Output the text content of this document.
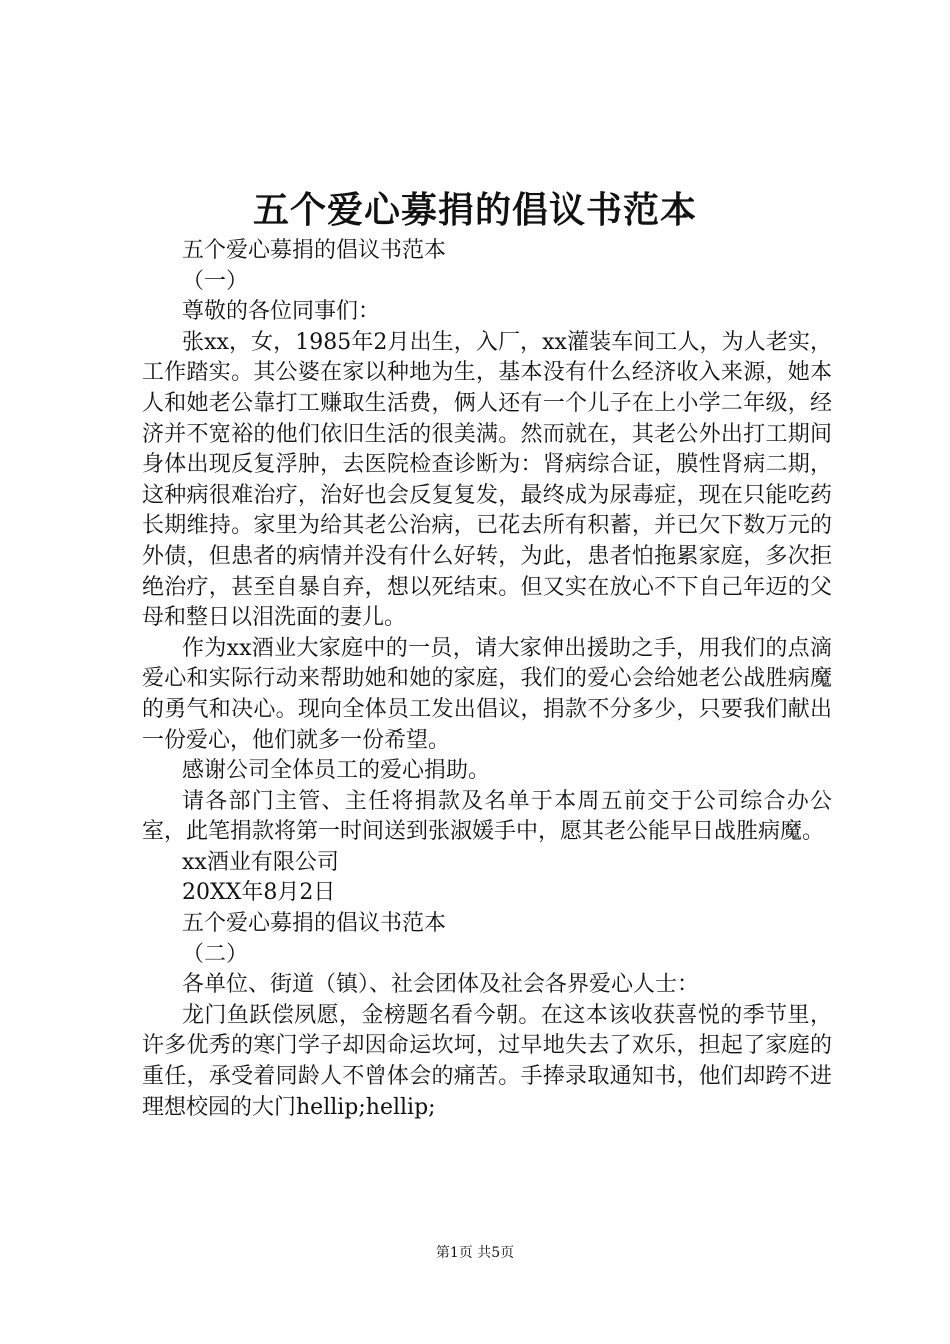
五个爱心募捐的倡议书范本

五个爱心募捐的倡议书范本

（一）

尊敬的各位同事们：

张xx，女，1985年2月出生，入厂，xx灌装车间工人，为人老实，工作踏实。其公婆在家以种地为生，基本没有什么经济收入来源，她本人和她老公靠打工赚取生活费，俩人还有一个儿子在上小学二年级，经济并不宽裕的他们依旧生活的很美满。然而就在，其老公外出打工期间身体出现反复浮肿，去医院检查诊断为：肾病综合证，膜性肾病二期，这种病很难治疗，治好也会反复复发，最终成为尿毒症，现在只能吃药长期维持。家里为给其老公治病，已花去所有积蓄，并已欠下数万元的外债，但患者的病情并没有什么好转，为此，患者怕拖累家庭，多次拒绝治疗，甚至自暴自弃，想以死结束。但又实在放心不下自己年迈的父母和整日以泪洗面的妻儿。

作为xx酒业大家庭中的一员，请大家伸出援助之手，用我们的点滴爱心和实际行动来帮助她和她的家庭，我们的爱心会给她老公战胜病魔的勇气和决心。现向全体员工发出倡议，捐款不分多少，只要我们献出一份爱心，他们就多一份希望。

感谢公司全体员工的爱心捐助。

请各部门主管、主任将捐款及名单于本周五前交于公司综合办公室，此笔捐款将第一时间送到张淑媛手中，愿其老公能早日战胜病魔。

xx酒业有限公司

20XX年8月2日

五个爱心募捐的倡议书范本

（二）

各单位、街道（镇）、社会团体及社会各界爱心人士：

龙门鱼跃偿夙愿，金榜题名看今朝。在这本该收获喜悦的季节里，许多优秀的寒门学子却因命运坎坷，过早地失去了欢乐，担起了家庭的重任，承受着同龄人不曾体会的痛苦。手捧录取通知书，他们却跨不进理想校园的大门hellip;hellip;

第1页 共5页
